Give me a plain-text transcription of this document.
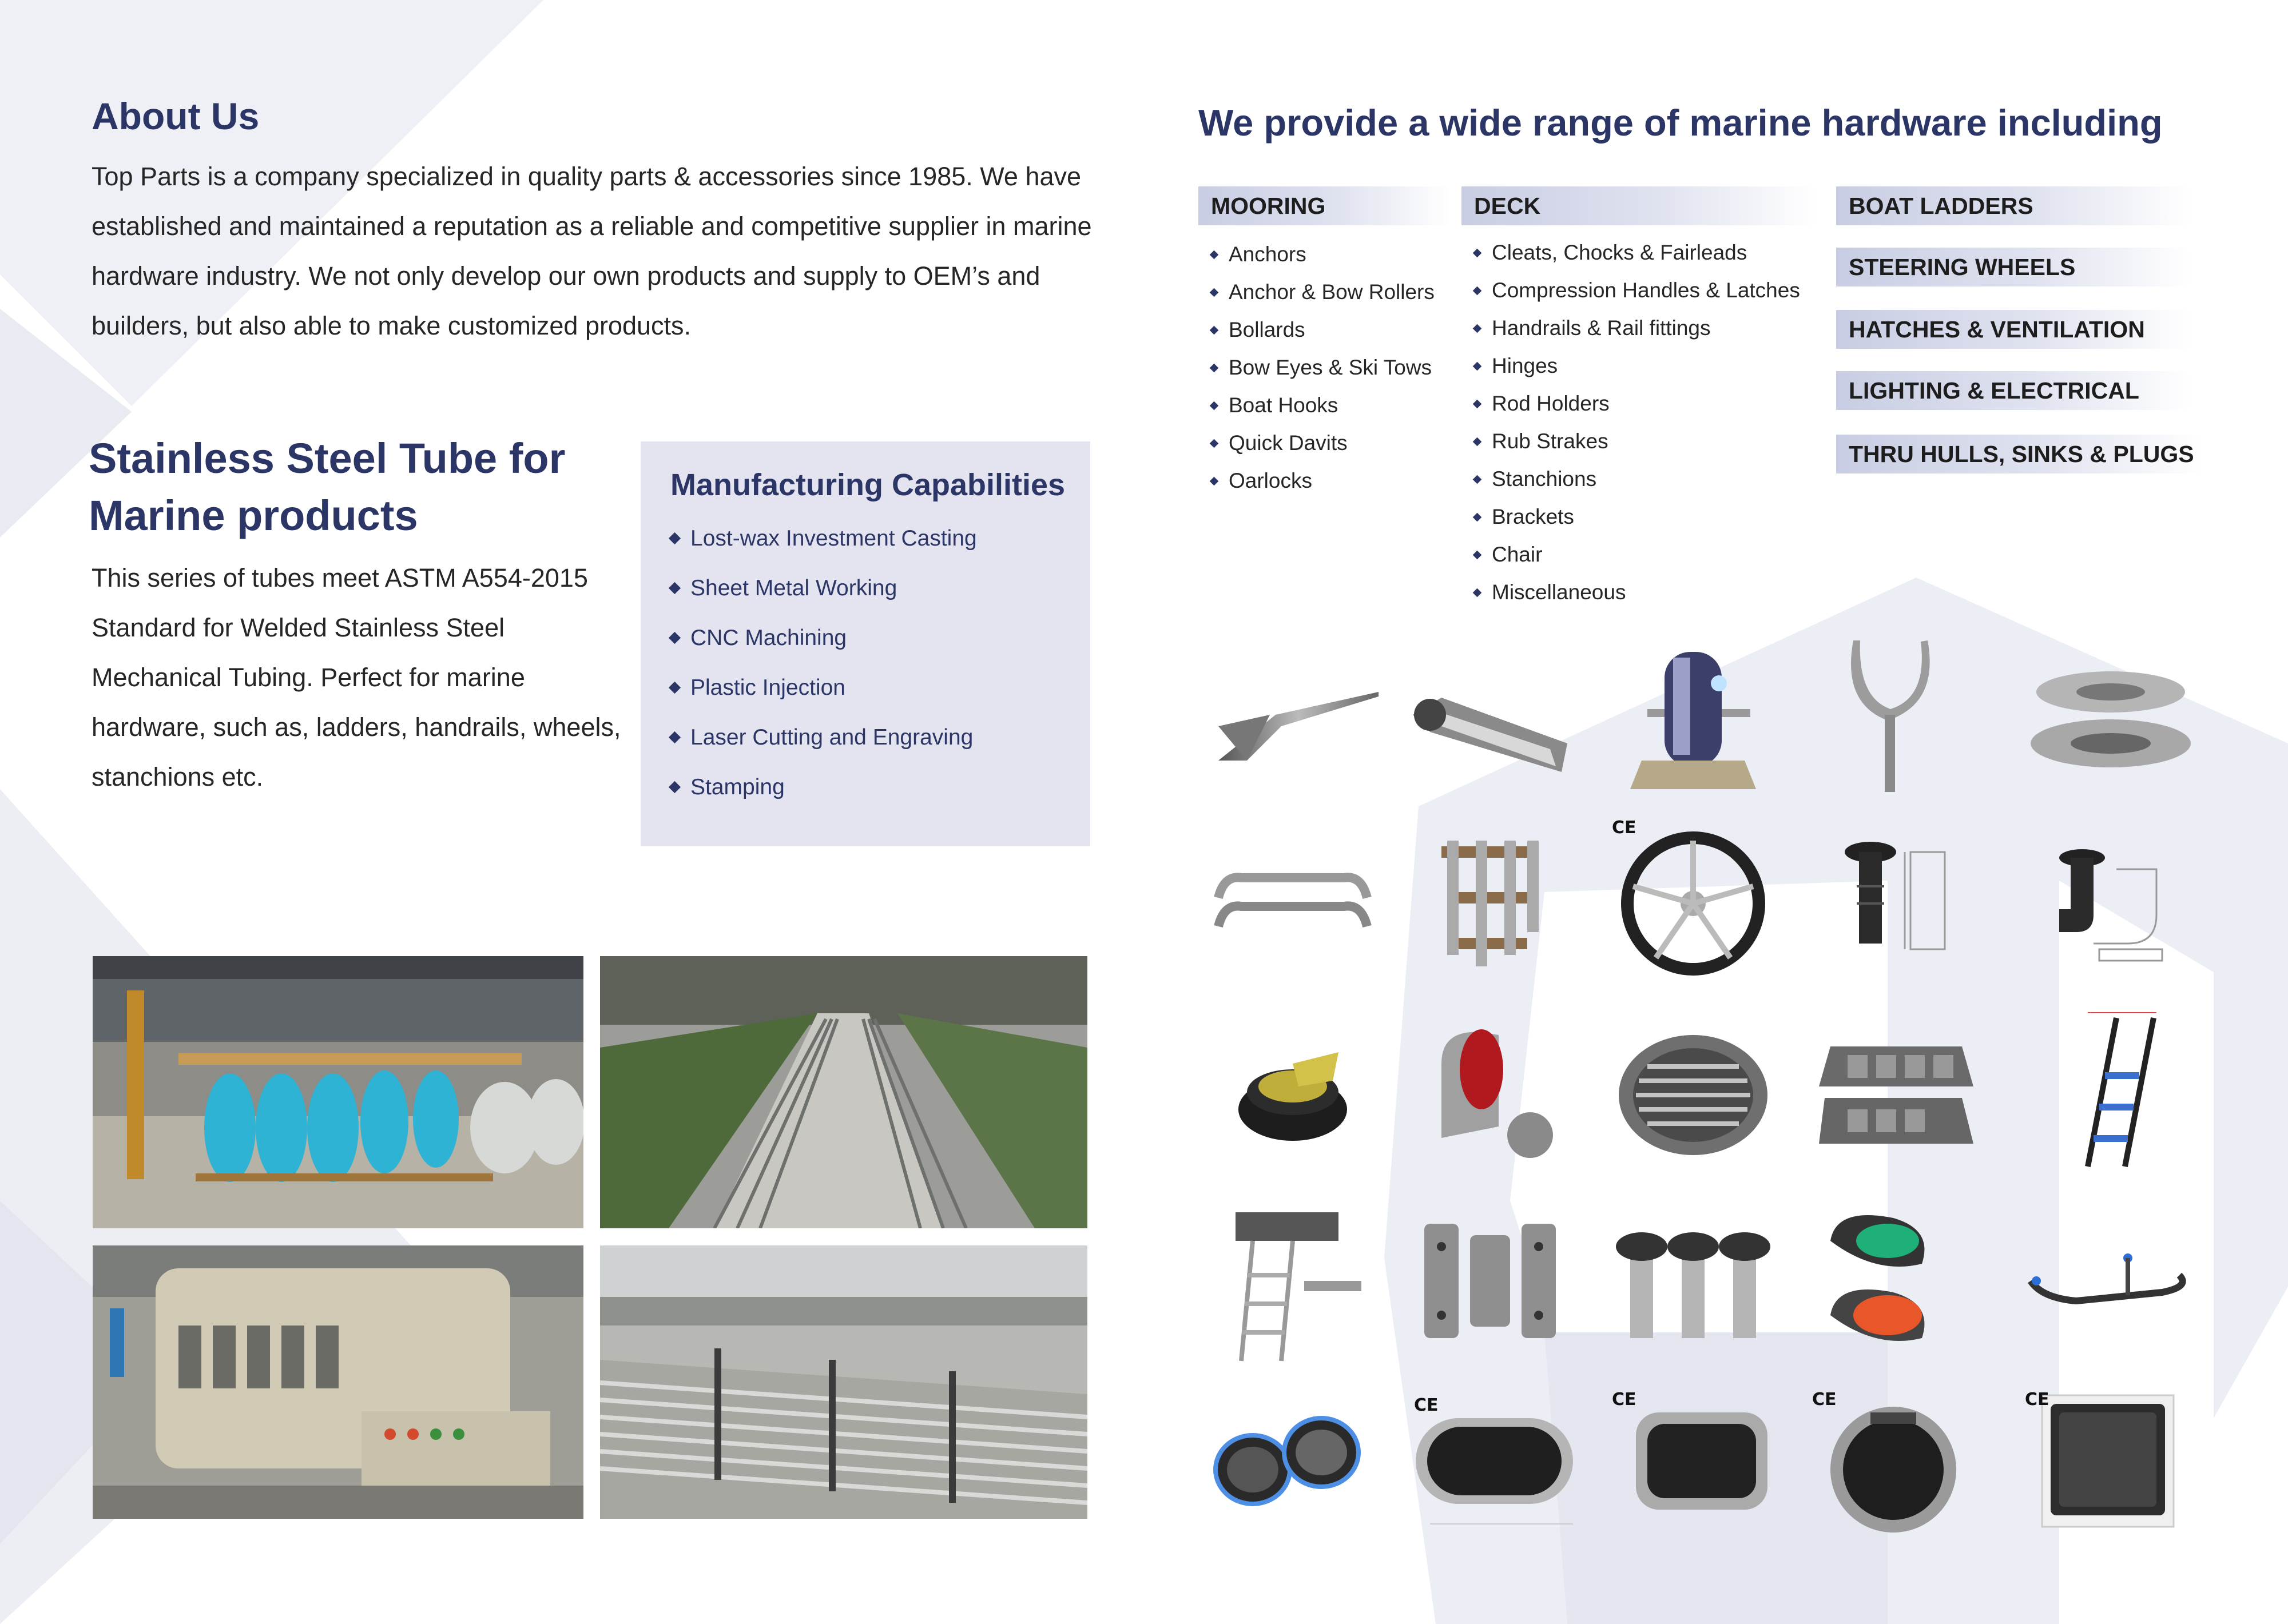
About Us
Top Parts is a company specialized in quality parts & accessories since 1985. We have established and maintained a reputation as a reliable and competitive supplier in marine hardware industry. We not only develop our own products and supply to OEM’s and builders, but also able to make customized products.
Stainless Steel Tube for
Marine products
This series of tubes meet ASTM A554-2015 Standard for Welded Stainless Steel Mechanical Tubing. Perfect for marine hardware, such as, ladders, handrails, wheels, stanchions etc.
Manufacturing Capabilities
Lost-wax Investment Casting
Sheet Metal Working
CNC Machining
Plastic Injection
Laser Cutting and Engraving
Stamping
We provide a wide range of marine hardware including
MOORING
Anchors
Anchor & Bow Rollers
Bollards
Bow Eyes & Ski Tows
Boat Hooks
Quick Davits
Oarlocks
DECK
Cleats, Chocks & Fairleads
Compression Handles & Latches
Handrails & Rail fittings
Hinges
Rod Holders
Rub Strakes
Stanchions
Brackets
Chair
Miscellaneous
BOAT LADDERS
STEERING WHEELS
HATCHES & VENTILATION
LIGHTING & ELECTRICAL
THRU HULLS, SINKS & PLUGS
CE
CE	CE	CE	CE
